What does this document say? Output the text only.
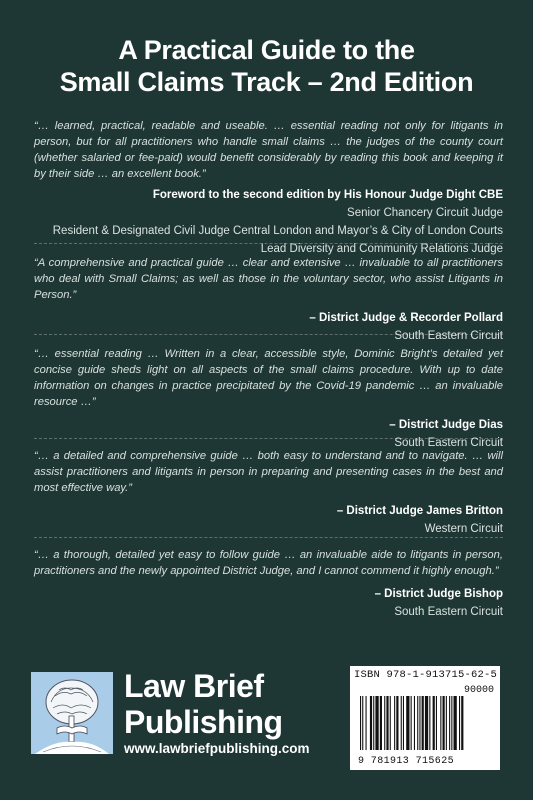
A Practical Guide to the
Small Claims Track – 2nd Edition
“… learned, practical, readable and useable. … essential reading not only for litigants in person, but for all practitioners who handle small claims … the judges of the county court (whether salaried or fee-paid) would benefit considerably by reading this book and keeping it by their side … an excellent book.”
Foreword to the second edition by His Honour Judge Dight CBE
Senior Chancery Circuit Judge
Resident & Designated Civil Judge Central London and Mayor’s & City of London Courts
Lead Diversity and Community Relations Judge
“A comprehensive and practical guide … clear and extensive … invaluable to all practitioners who deal with Small Claims; as well as those in the voluntary sector, who assist Litigants in Person.”
– District Judge & Recorder Pollard
South Eastern Circuit
“… essential reading … Written in a clear, accessible style, Dominic Bright’s detailed yet concise guide sheds light on all aspects of the small claims procedure. With up to date information on changes in practice precipitated by the Covid-19 pandemic … an invaluable resource …”
– District Judge Dias
South Eastern Circuit
“… a detailed and comprehensive guide … both easy to understand and to navigate. … will assist practitioners and litigants in person in preparing and presenting cases in the best and most effective way.”
– District Judge James Britton
Western Circuit
“… a thorough, detailed yet easy to follow guide … an invaluable aide to litigants in person, practitioners and the newly appointed District Judge, and I cannot commend it highly enough.”
– District Judge Bishop
South Eastern Circuit
Law Brief
Publishing
www.lawbriefpublishing.com
ISBN 978-1-913715-62-5
90000
9 781913 715625
